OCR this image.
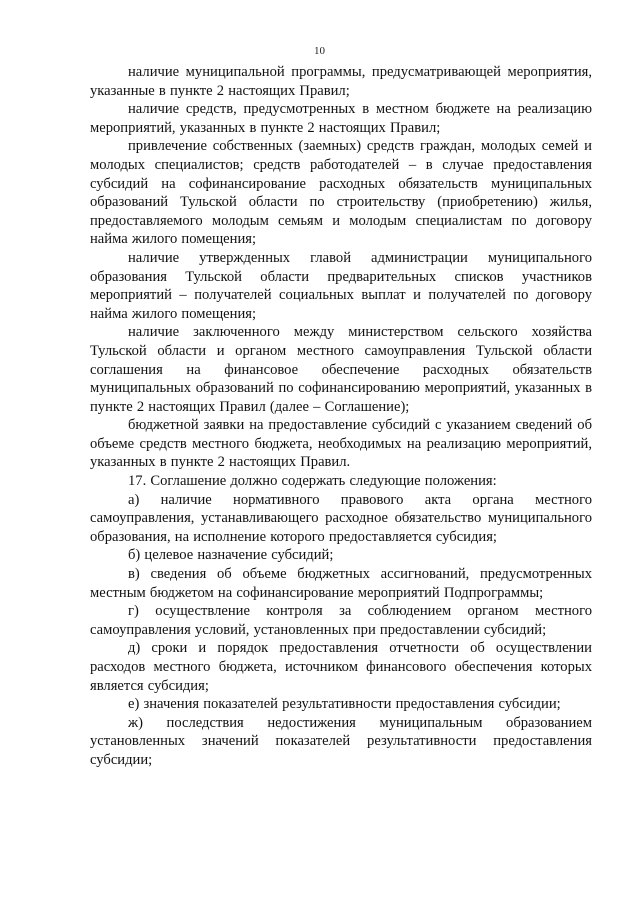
10

наличие муниципальной программы, предусматривающей мероприятия, указанные в пункте 2 настоящих Правил;

наличие средств, предусмотренных в местном бюджете на реализацию мероприятий, указанных в пункте 2 настоящих Правил;

привлечение собственных (заемных) средств граждан, молодых семей и молодых специалистов; средств работодателей – в случае предоставления субсидий на софинансирование расходных обязательств муниципальных образований Тульской области по строительству (приобретению) жилья, предоставляемого молодым семьям и молодым специалистам по договору найма жилого помещения;

наличие утвержденных главой администрации муниципального образования Тульской области предварительных списков участников мероприятий – получателей социальных выплат и получателей по договору найма жилого помещения;

наличие заключенного между министерством сельского хозяйства Тульской области и органом местного самоуправления Тульской области соглашения на финансовое обеспечение расходных обязательств муниципальных образований по софинансированию мероприятий, указанных в пункте 2 настоящих Правил (далее – Соглашение);

бюджетной заявки на предоставление субсидий с указанием сведений об объеме средств местного бюджета, необходимых на реализацию мероприятий, указанных в пункте 2 настоящих Правил.

17. Соглашение должно содержать следующие положения:

а) наличие нормативного правового акта органа местного самоуправления, устанавливающего расходное обязательство муниципального образования, на исполнение которого предоставляется субсидия;

б) целевое назначение субсидий;

в) сведения об объеме бюджетных ассигнований, предусмотренных местным бюджетом на софинансирование мероприятий Подпрограммы;

г) осуществление контроля за соблюдением органом местного самоуправления условий, установленных при предоставлении субсидий;

д) сроки и порядок предоставления отчетности об осуществлении расходов местного бюджета, источником финансового обеспечения которых является субсидия;

е) значения показателей результативности предоставления субсидии;

ж) последствия недостижения муниципальным образованием установленных значений показателей результативности предоставления субсидии;
